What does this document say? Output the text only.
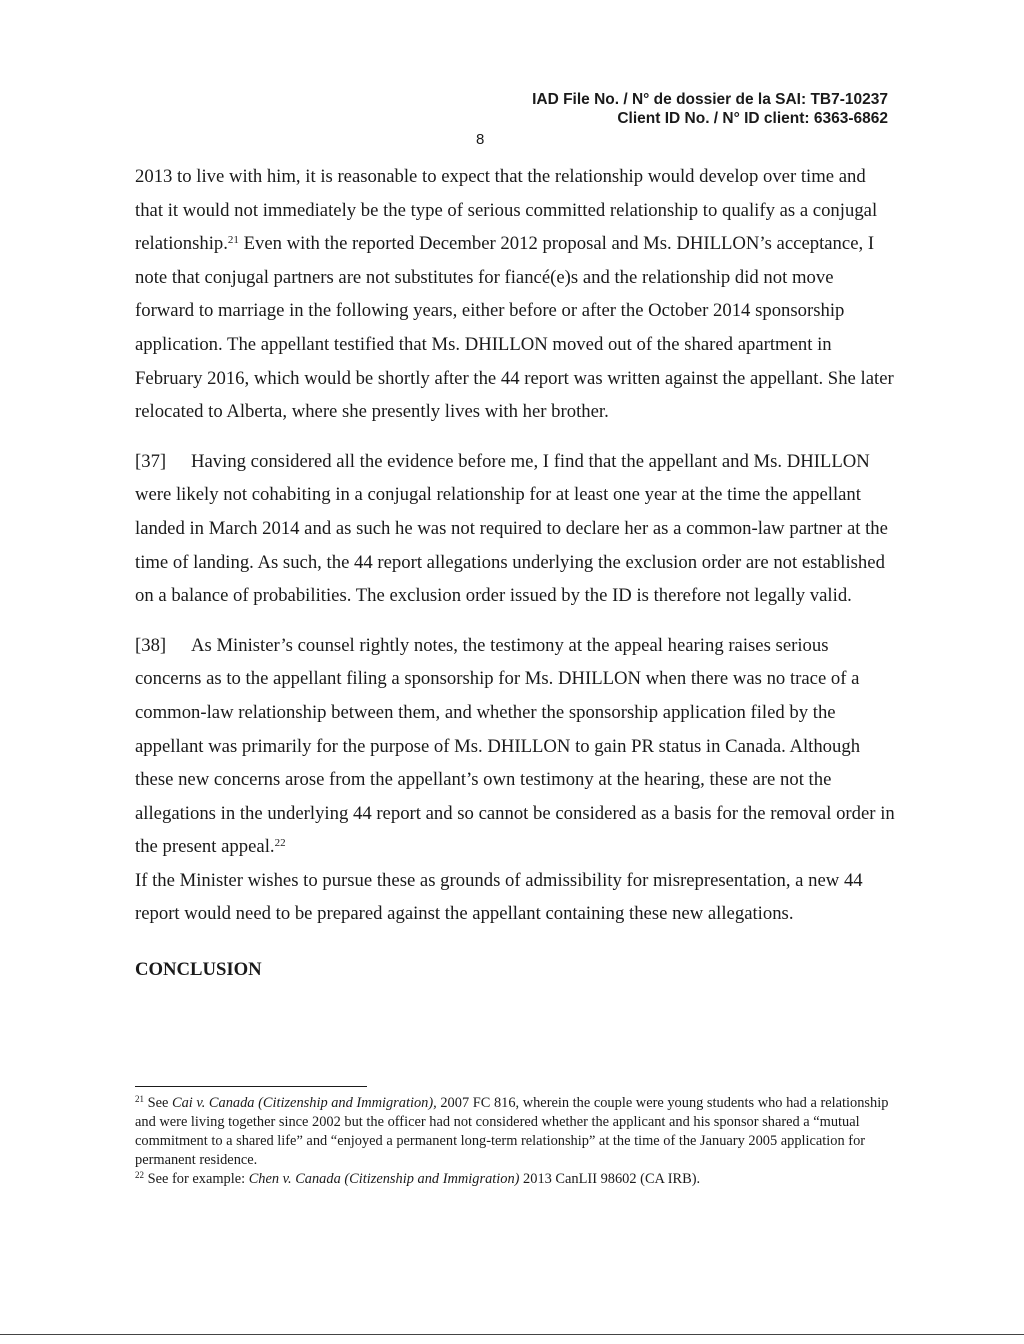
IAD File No. / N° de dossier de la SAI: TB7-10237
Client ID No. / N° ID client: 6363-6862
8

2013 to live with him, it is reasonable to expect that the relationship would develop over time and that it would not immediately be the type of serious committed relationship to qualify as a conjugal relationship.$^{21}$ Even with the reported December 2012 proposal and Ms. DHILLON’s acceptance, I note that conjugal partners are not substitutes for fiancé(e)s and the relationship did not move forward to marriage in the following years, either before or after the October 2014 sponsorship application. The appellant testified that Ms. DHILLON moved out of the shared apartment in February 2016, which would be shortly after the 44 report was written against the appellant. She later relocated to Alberta, where she presently lives with her brother.

[37] Having considered all the evidence before me, I find that the appellant and Ms. DHILLON were likely not cohabiting in a conjugal relationship for at least one year at the time the appellant landed in March 2014 and as such he was not required to declare her as a common-law partner at the time of landing. As such, the 44 report allegations underlying the exclusion order are not established on a balance of probabilities. The exclusion order issued by the ID is therefore not legally valid.

[38] As Minister’s counsel rightly notes, the testimony at the appeal hearing raises serious concerns as to the appellant filing a sponsorship for Ms. DHILLON when there was no trace of a common-law relationship between them, and whether the sponsorship application filed by the appellant was primarily for the purpose of Ms. DHILLON to gain PR status in Canada. Although these new concerns arose from the appellant’s own testimony at the hearing, these are not the allegations in the underlying 44 report and so cannot be considered as a basis for the removal order in the present appeal.$^{22}$

If the Minister wishes to pursue these as grounds of admissibility for misrepresentation, a new 44 report would need to be prepared against the appellant containing these new allegations.

CONCLUSION

$^{21}$ See Cai v. Canada (Citizenship and Immigration), 2007 FC 816, wherein the couple were young students who had a relationship and were living together since 2002 but the officer had not considered whether the applicant and his sponsor shared a “mutual commitment to a shared life” and “enjoyed a permanent long-term relationship” at the time of the January 2005 application for permanent residence.

$^{22}$ See for example: Chen v. Canada (Citizenship and Immigration) 2013 CanLII 98602 (CA IRB).
